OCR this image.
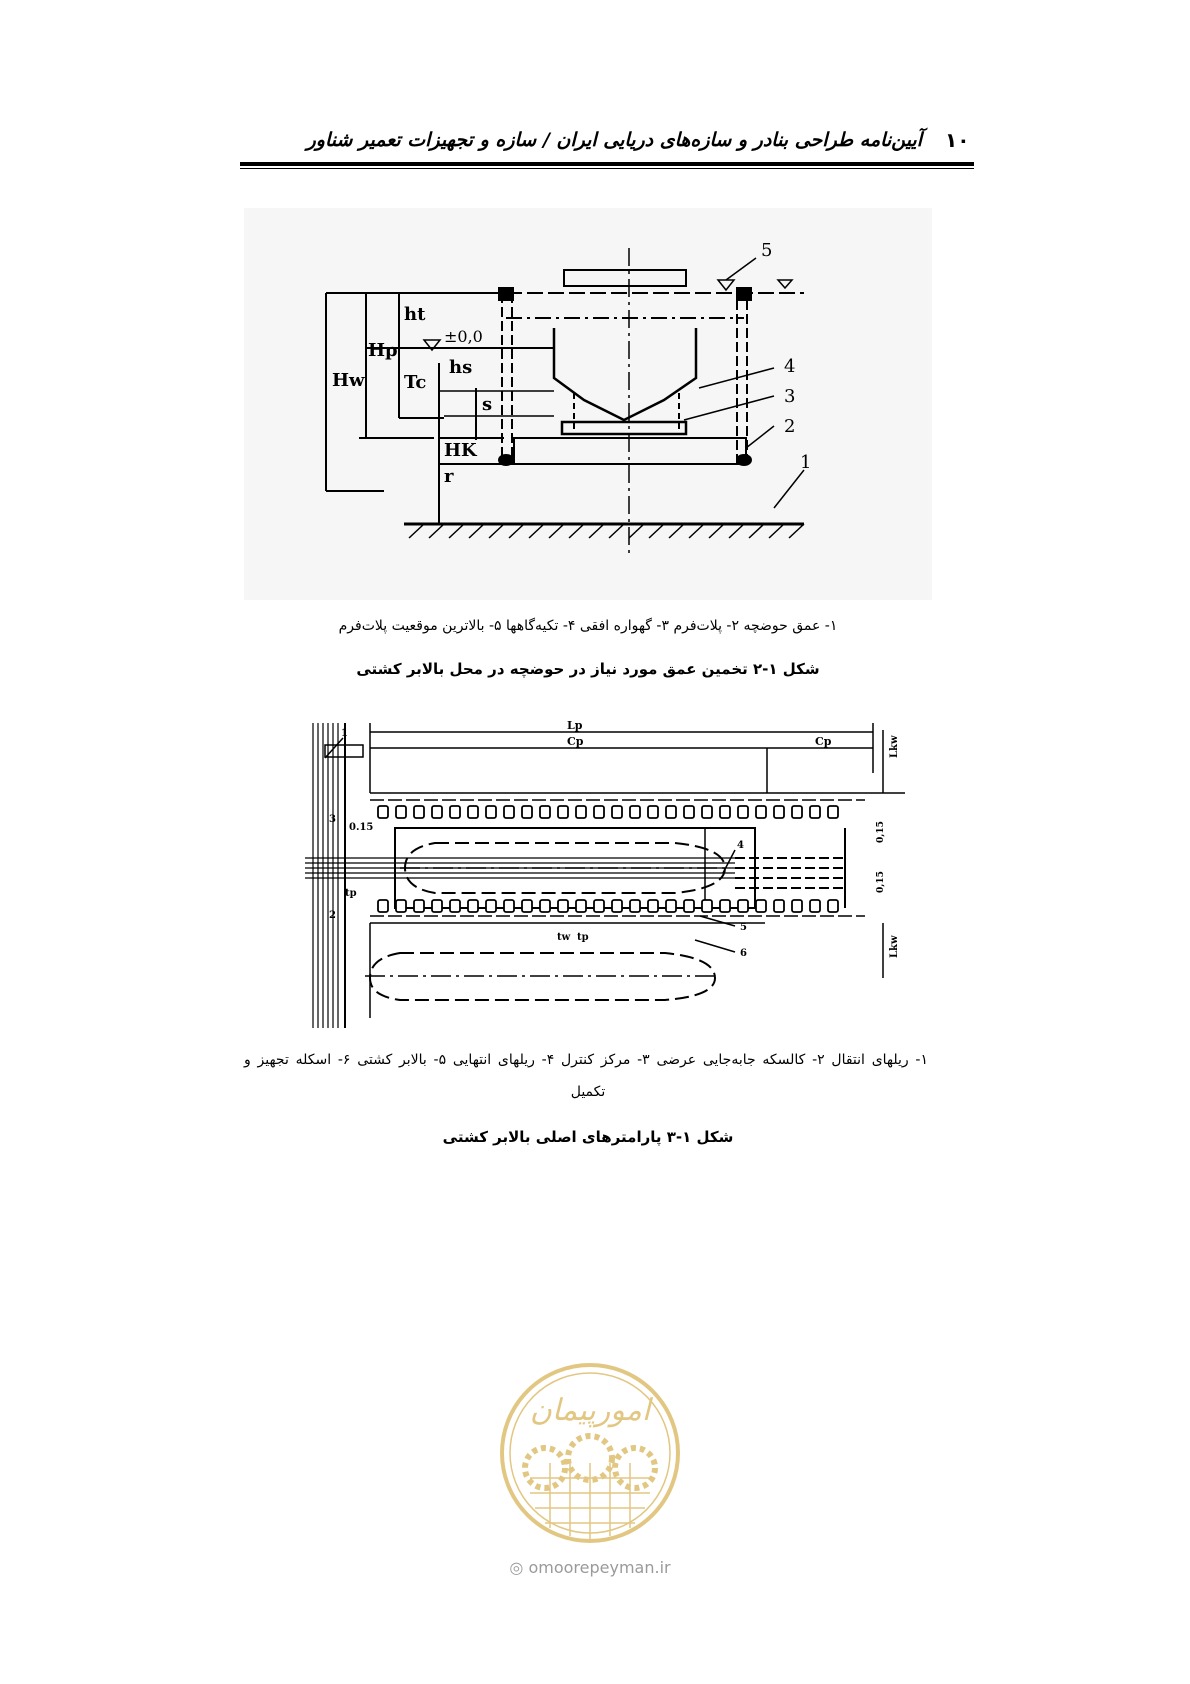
آیین‌نامه طراحی بنادر و سازه‌های دریایی ایران / سازه و تجهیزات تعمیر شناور ۱۰
5
4
3
2
1
Hw
Hp
ht
Tc
hs
s
HK
r
±0,0
۱- عمق حوضچه ۲- پلات‌فرم ۳- گهواره افقی ۴- تکیه‌گاهها ۵- بالاترین موقعیت پلات‌فرم
شکل ۱-۲ تخمین عمق مورد نیاز در حوضچه در محل بالابر کشتی
Lp
Cp	Cp	Lkw
Lkw
0.15	0,15
0,15
tw tp
tp
1
2
3
4
5
6
۱- ریلهای انتقال ۲- کالسکه جابه‌جایی عرضی ۳- مرکز کنترل ۴- ریلهای انتهایی ۵- بالابر کشتی ۶- اسکله تجهیز و
تکمیل
شکل ۱-۳ پارامترهای اصلی بالابر کشتی
امورپیمان
◎ omoorepeyman.ir
